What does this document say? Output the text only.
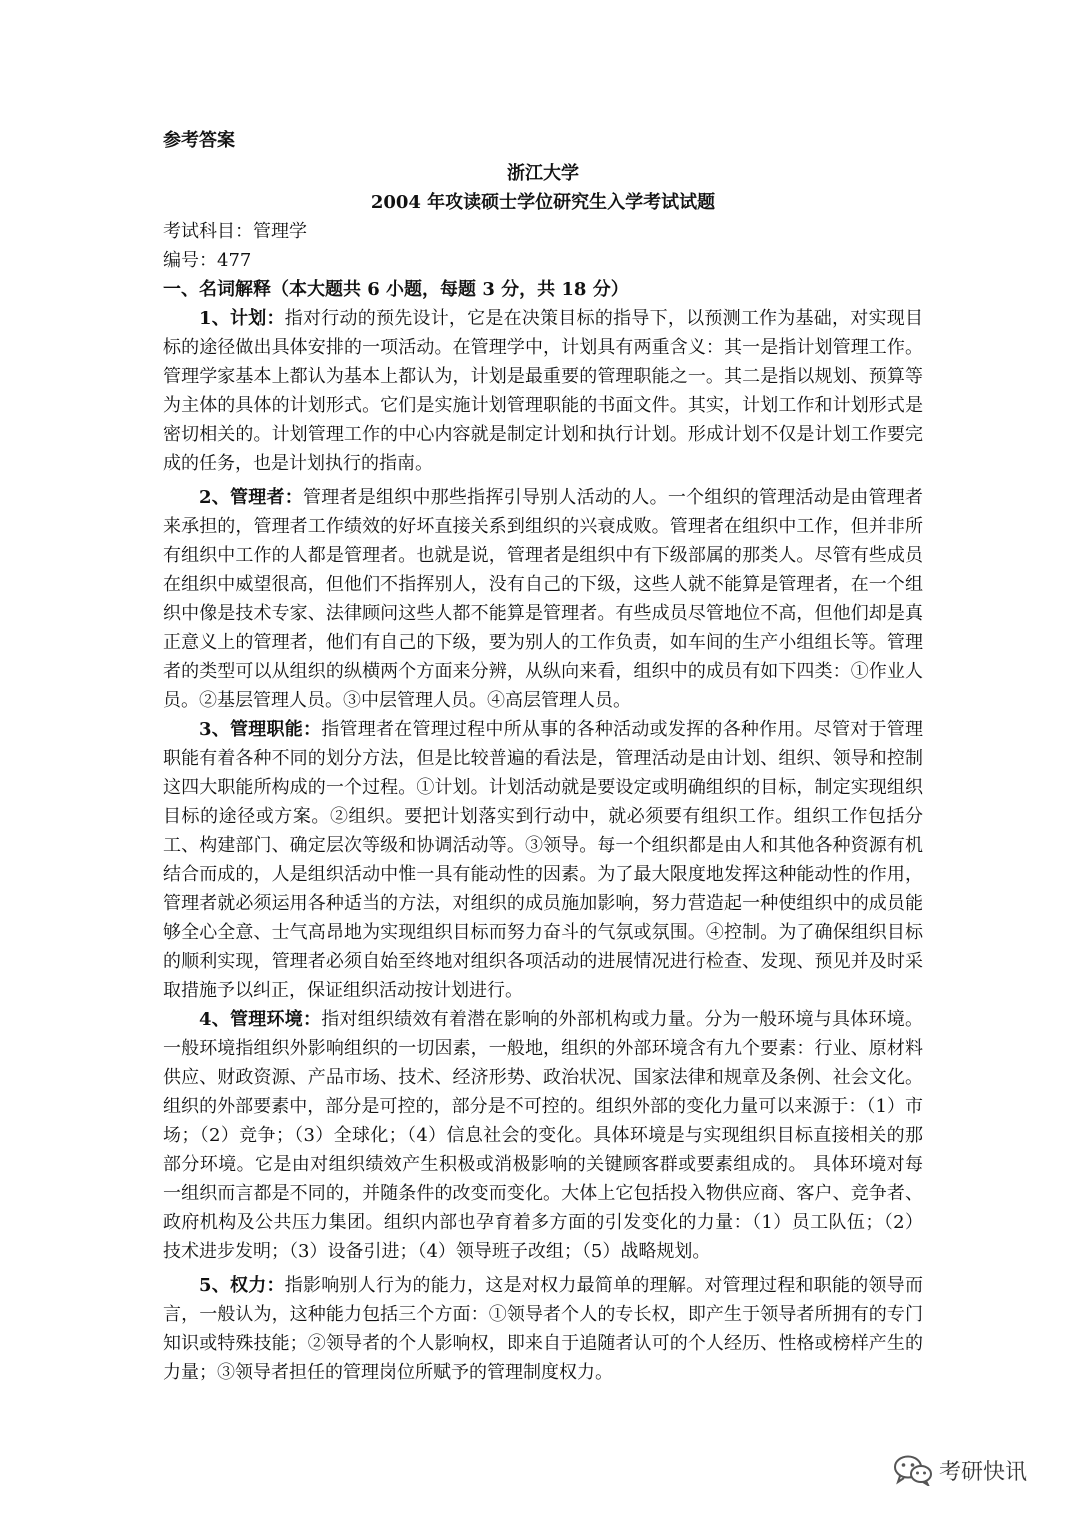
参考答案
浙江大学
2004 年攻读硕士学位研究生入学考试试题
考试科目：管理学
编号：477
一、名词解释（本大题共 6 小题，每题 3 分，共 18 分）

1、计划：指对行动的预先设计，它是在决策目标的指导下，以预测工作为基础，对实现目标的途径做出具体安排的一项活动。在管理学中，计划具有两重含义：其一是指计划管理工作。管理学家基本上都认为基本上都认为，计划是最重要的管理职能之一。其二是指以规划、预算等为主体的具体的计划形式。它们是实施计划管理职能的书面文件。其实，计划工作和计划形式是密切相关的。计划管理工作的中心内容就是制定计划和执行计划。形成计划不仅是计划工作要完成的任务，也是计划执行的指南。

2、管理者：管理者是组织中那些指挥引导别人活动的人。一个组织的管理活动是由管理者来承担的，管理者工作绩效的好坏直接关系到组织的兴衰成败。管理者在组织中工作，但并非所有组织中工作的人都是管理者。也就是说，管理者是组织中有下级部属的那类人。尽管有些成员在组织中威望很高，但他们不指挥别人，没有自己的下级，这些人就不能算是管理者，在一个组织中像是技术专家、法律顾问这些人都不能算是管理者。有些成员尽管地位不高，但他们却是真正意义上的管理者，他们有自己的下级，要为别人的工作负责，如车间的生产小组组长等。管理者的类型可以从组织的纵横两个方面来分辨，从纵向来看，组织中的成员有如下四类：①作业人员。②基层管理人员。③中层管理人员。④高层管理人员。

3、管理职能：指管理者在管理过程中所从事的各种活动或发挥的各种作用。尽管对于管理职能有着各种不同的划分方法，但是比较普遍的看法是，管理活动是由计划、组织、领导和控制这四大职能所构成的一个过程。①计划。计划活动就是要设定或明确组织的目标，制定实现组织目标的途径或方案。②组织。要把计划落实到行动中，就必须要有组织工作。组织工作包括分工、构建部门、确定层次等级和协调活动等。③领导。每一个组织都是由人和其他各种资源有机结合而成的，人是组织活动中惟一具有能动性的因素。为了最大限度地发挥这种能动性的作用，管理者就必须运用各种适当的方法，对组织的成员施加影响，努力营造起一种使组织中的成员能够全心全意、士气高昂地为实现组织目标而努力奋斗的气氛或氛围。④控制。为了确保组织目标的顺利实现，管理者必须自始至终地对组织各项活动的进展情况进行检查、发现、预见并及时采取措施予以纠正，保证组织活动按计划进行。

4、管理环境：指对组织绩效有着潜在影响的外部机构或力量。分为一般环境与具体环境。一般环境指组织外影响组织的一切因素，一般地，组织的外部环境含有九个要素：行业、原材料供应、财政资源、产品市场、技术、经济形势、政治状况、国家法律和规章及条例、社会文化。组织的外部要素中，部分是可控的，部分是不可控的。组织外部的变化力量可以来源于：（1）市场；（2）竞争；（3）全球化；（4）信息社会的变化。具体环境是与实现组织目标直接相关的那部分环境。它是由对组织绩效产生积极或消极影响的关键顾客群或要素组成的。 具体环境对每一组织而言都是不同的，并随条件的改变而变化。大体上它包括投入物供应商、客户、竞争者、政府机构及公共压力集团。组织内部也孕育着多方面的引发变化的力量：（1）员工队伍；（2）技术进步发明；（3）设备引进；（4）领导班子改组；（5）战略规划。

5、权力：指影响别人行为的能力，这是对权力最简单的理解。对管理过程和职能的领导而言，一般认为，这种能力包括三个方面：①领导者个人的专长权，即产生于领导者所拥有的专门知识或特殊技能；②领导者的个人影响权，即来自于追随者认可的个人经历、性格或榜样产生的力量；③领导者担任的管理岗位所赋予的管理制度权力。

考研快讯
